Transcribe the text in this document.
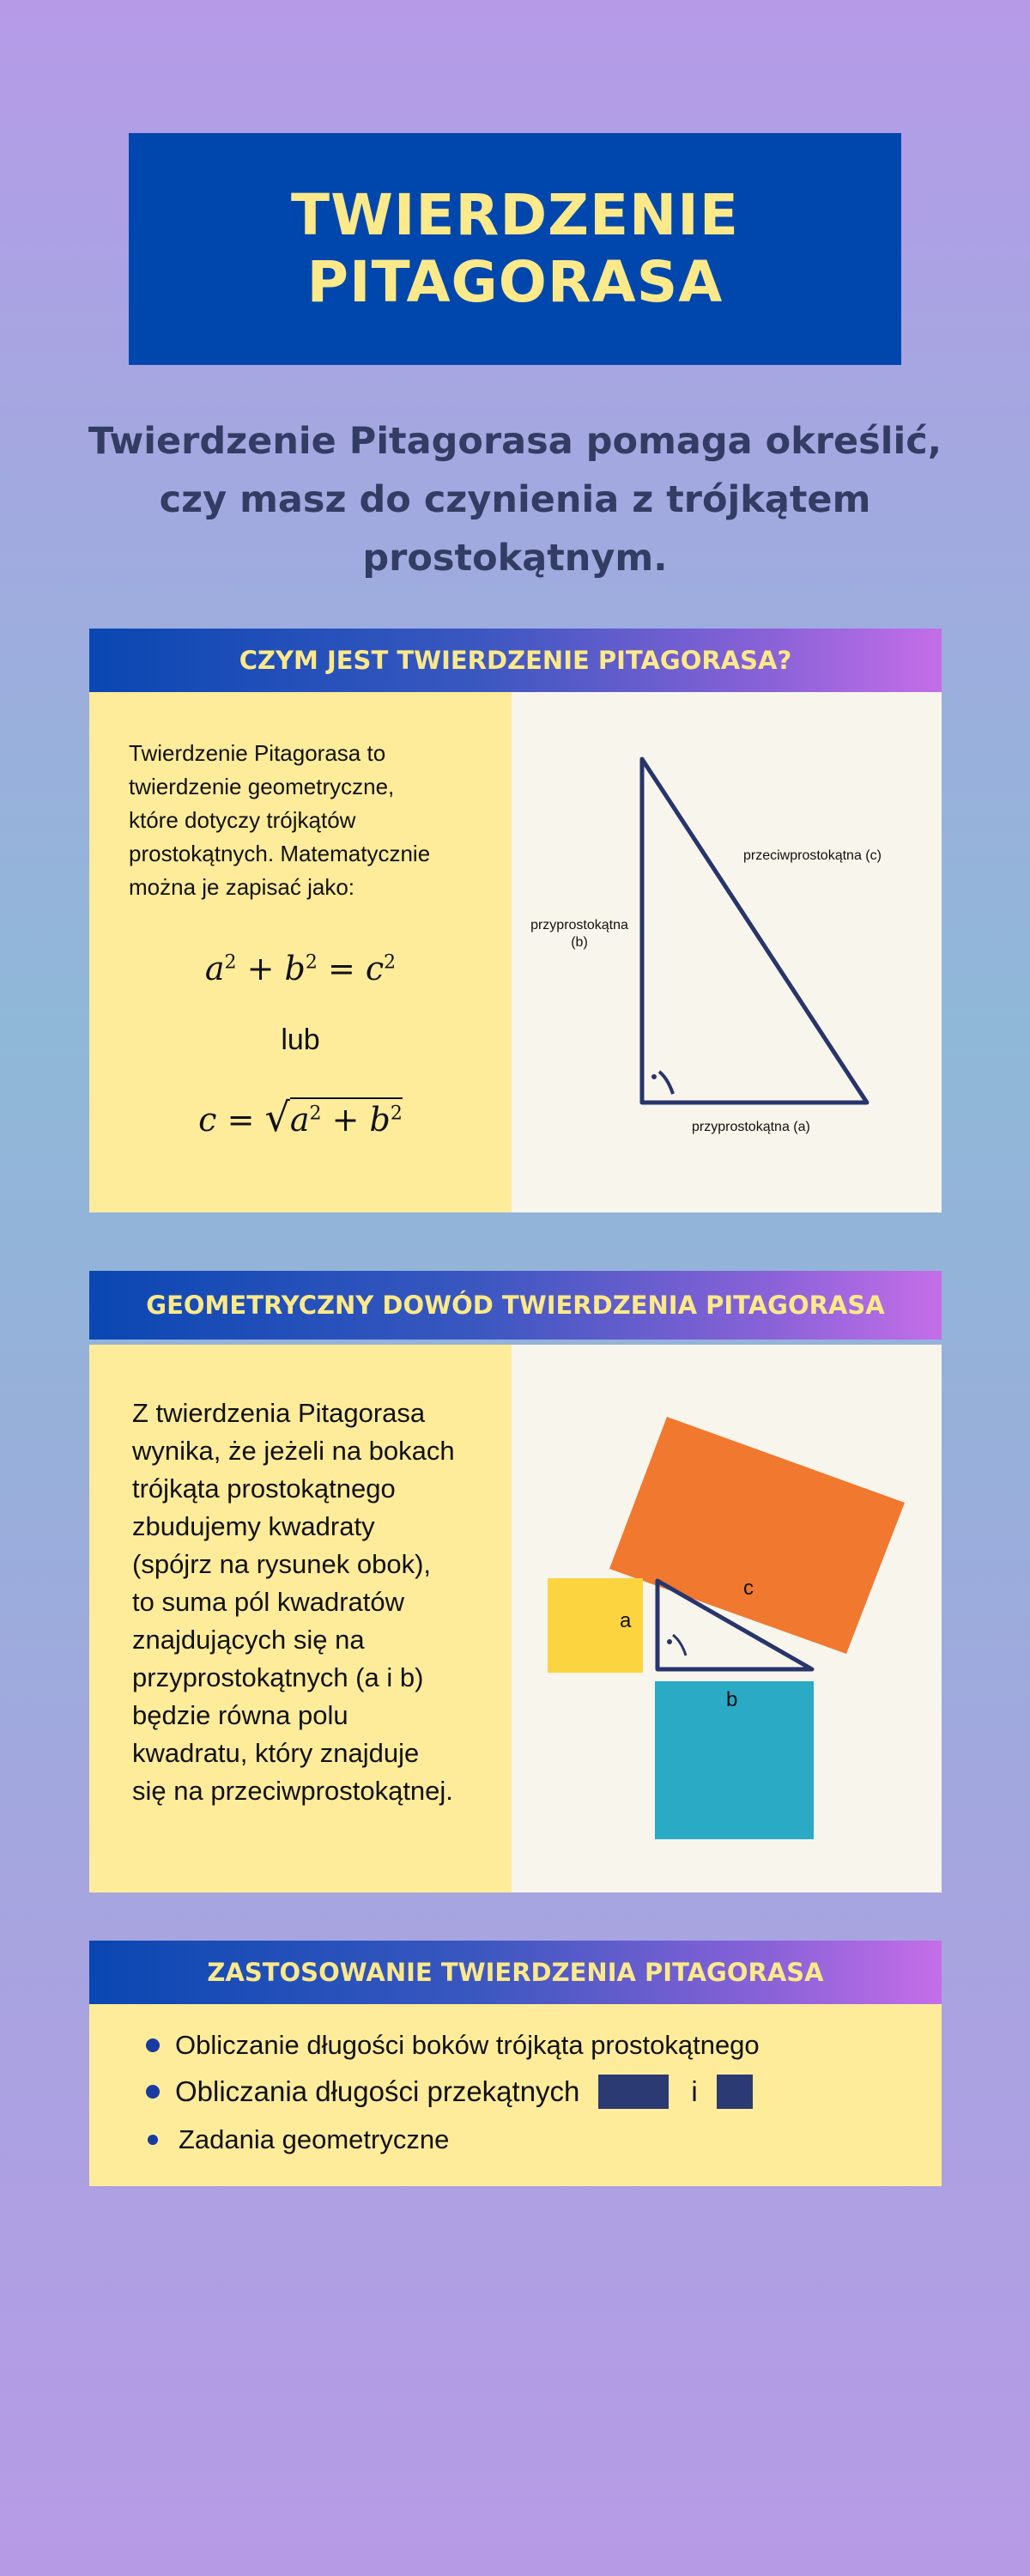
TWIERDZENIE
PITAGORASA
Twierdzenie Pitagorasa pomaga określić,
czy masz do czynienia z trójkątem
prostokątnym.
CZYM JEST TWIERDZENIE PITAGORASA?
Twierdzenie Pitagorasa to
twierdzenie geometryczne,
które dotyczy trójkątów
prostokątnych. Matematycznie
można je zapisać jako:
$a^2 + b^2 = c^2$
lub
$c = √a^2 + b^2$
przeciwprostokątna (c)
przyprostokątna
(b)
przyprostokątna (a)
GEOMETRYCZNY DOWÓD TWIERDZENIA PITAGORASA
Z twierdzenia Pitagorasa
wynika, że jeżeli na bokach
trójkąta prostokątnego
zbudujemy kwadraty
(spójrz na rysunek obok),
to suma pól kwadratów
znajdujących się na
przyprostokątnych (a i b)
będzie równa polu
kwadratu, który znajduje
się na przeciwprostokątnej.
a
b
c
ZASTOSOWANIE TWIERDZENIA PITAGORASA
Obliczanie długości boków trójkąta prostokątnego
Obliczania długości przekątnych	i
Zadania geometryczne
